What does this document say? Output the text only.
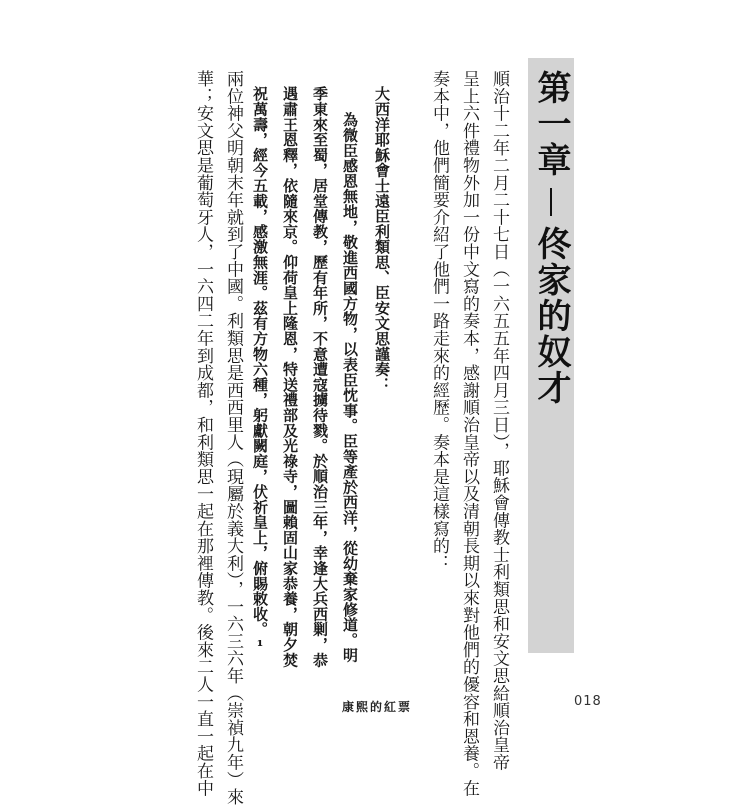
第一章
佟家的奴才
順治十二年二月二十七日（一六五五年四月三日），耶穌會傳教士利類思和安文思給順治皇帝
呈上六件禮物外加一份中文寫的奏本，感謝順治皇帝以及清朝長期以來對他們的優容和恩養。在
奏本中，他們簡要介紹了他們一路走來的經歷。奏本是這樣寫的：
大西洋耶穌會士遠臣利類思、臣安文思謹奏：
為微臣感恩無地，敬進西國方物，以表臣忱事。臣等產於西洋，從幼棄家修道。明
季東來至蜀，居堂傳教，歷有年所，不意遭寇擄待戮。於順治三年，幸逢大兵西剿，恭
遇肅王恩釋，依隨來京。仰荷皇上隆恩，特送禮部及光祿寺，圖賴固山家恭養，朝夕焚
祝萬壽，經今五載，感激無涯。茲有方物六種，躬獻闕庭，伏祈皇上，俯賜敕收。¹
兩位神父明朝末年就到了中國。利類思是西西里人（現屬於義大利），一六三六年（崇禎九年）來
華；安文思是葡萄牙人，一六四二年到成都，和利類思一起在那裡傳教。後來二人一直一起在中	康熙的紅票	018
